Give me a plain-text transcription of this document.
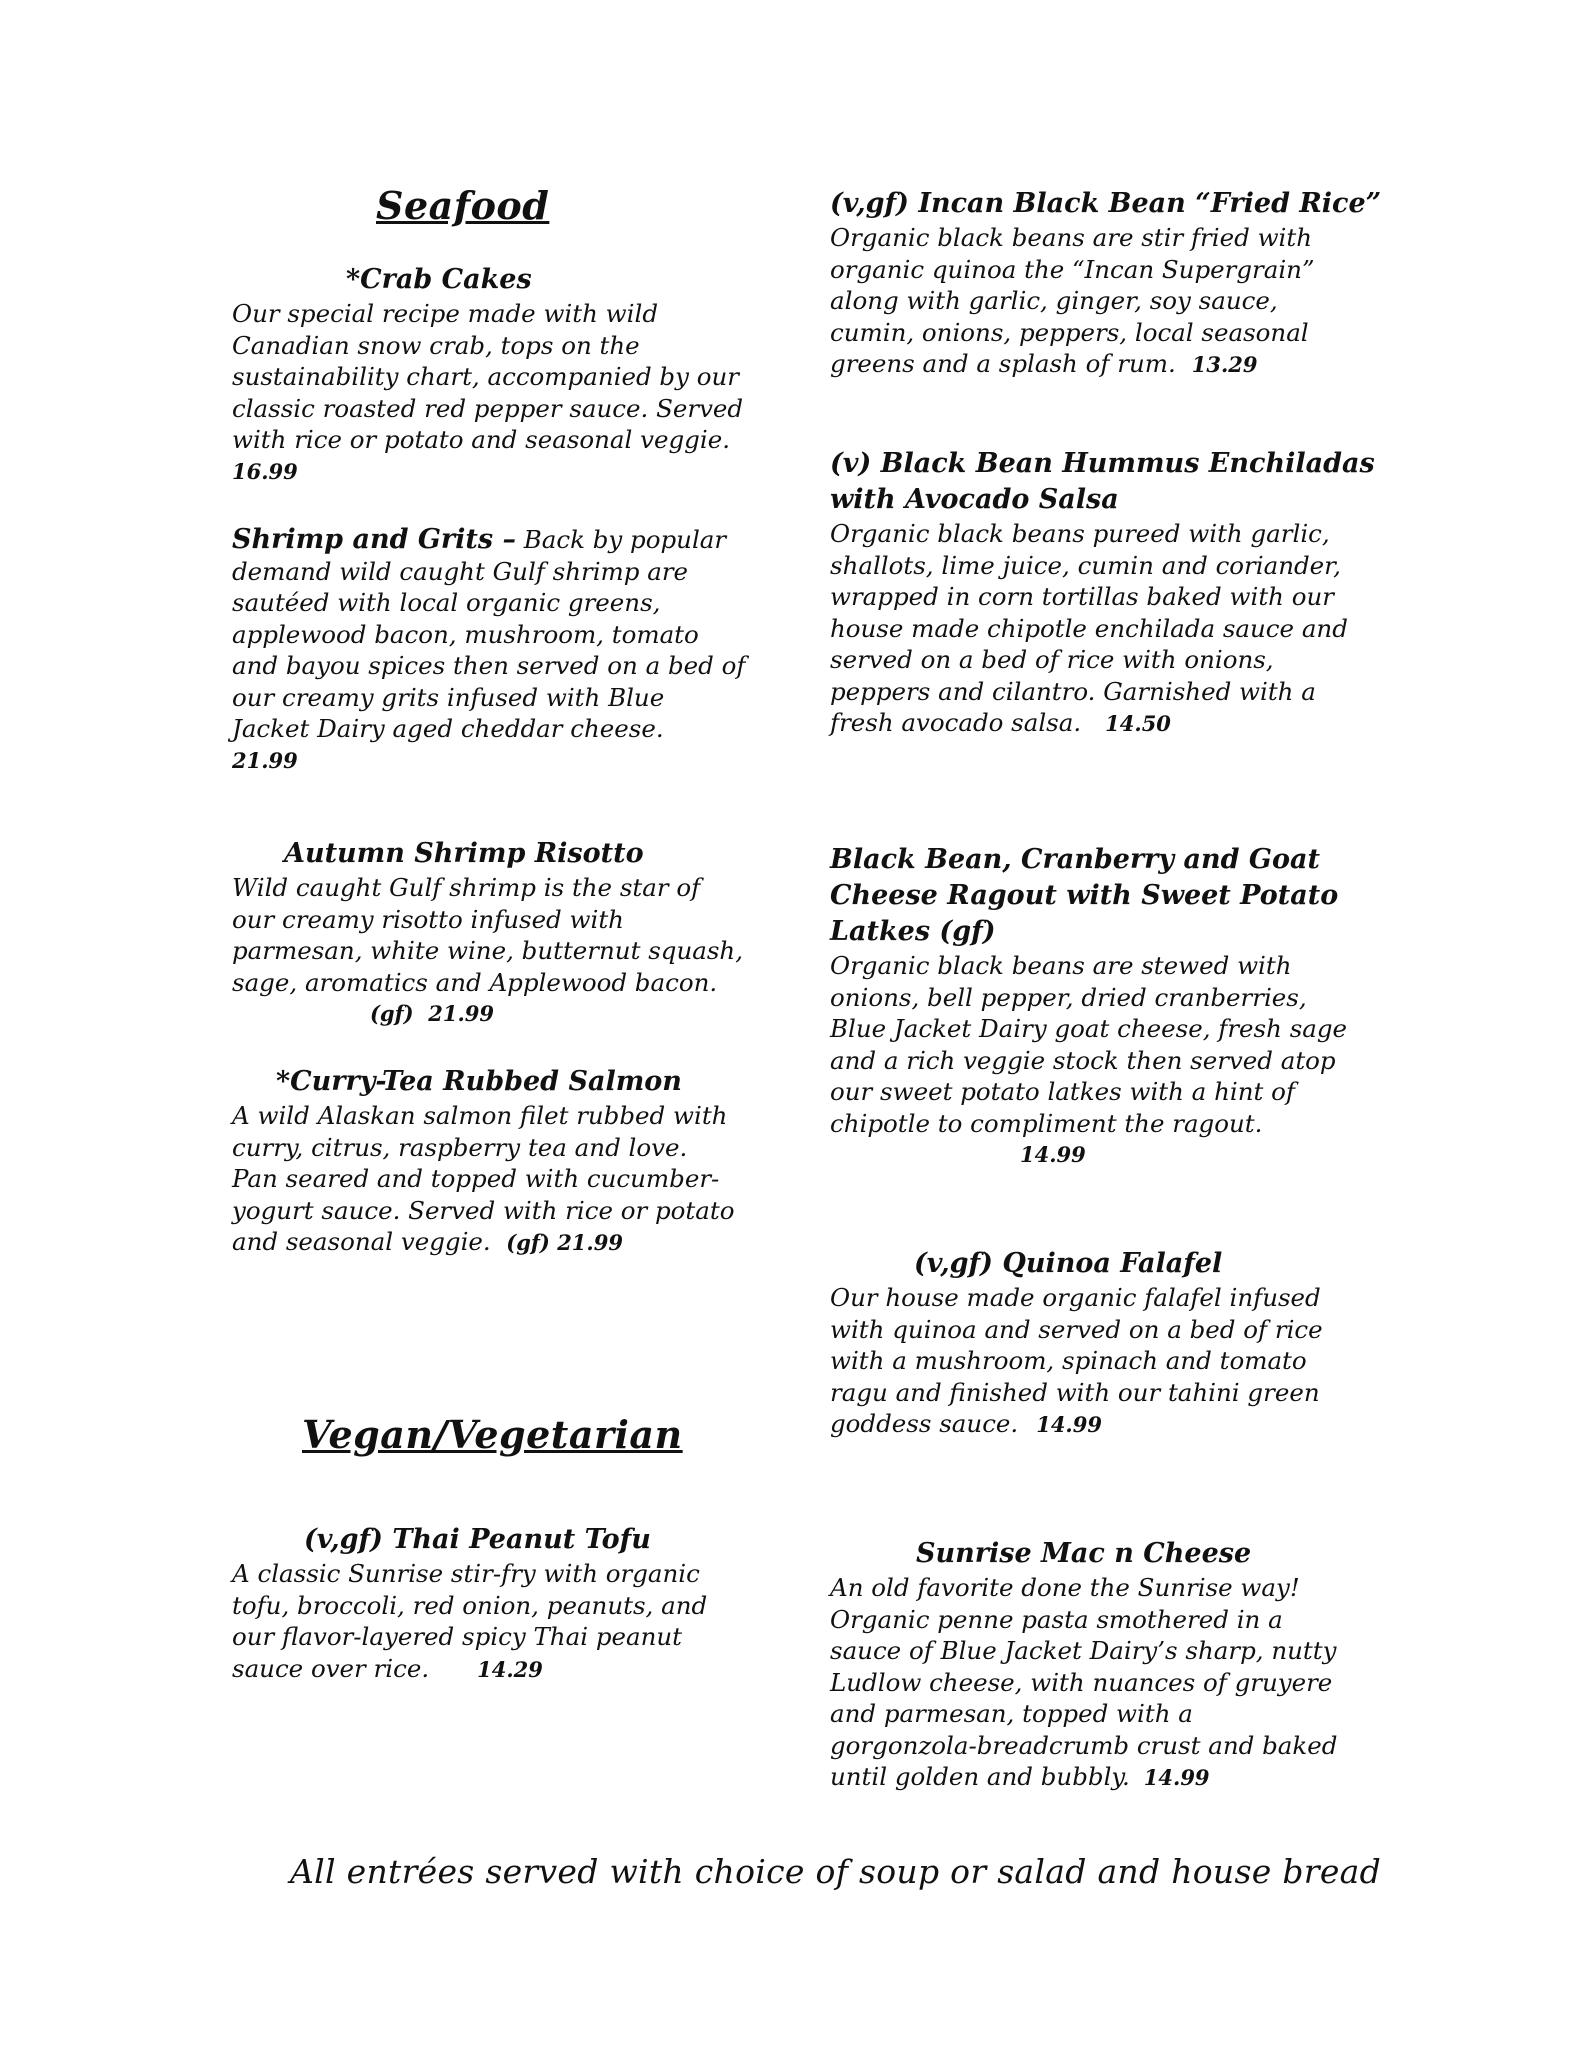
Seafood
Vegan/Vegetarian
*Crab Cakes
Our special recipe made with wild
Canadian snow crab, tops on the
sustainability chart, accompanied by our
classic roasted red pepper sauce. Served
with rice or potato and seasonal veggie.
16.99
Shrimp and Grits – Back by popular
demand wild caught Gulf shrimp are
sautéed with local organic greens,
applewood bacon, mushroom, tomato
and bayou spices then served on a bed of
our creamy grits infused with Blue
Jacket Dairy aged cheddar cheese.
21.99
Autumn Shrimp Risotto
Wild caught Gulf shrimp is the star of
our creamy risotto infused with
parmesan, white wine, butternut squash,
sage, aromatics and Applewood bacon.
(gf) 21.99
*Curry-Tea Rubbed Salmon
A wild Alaskan salmon filet rubbed with
curry, citrus, raspberry tea and love.
Pan seared and topped with cucumber-
yogurt sauce. Served with rice or potato
and seasonal veggie. (gf) 21.99
(v,gf) Thai Peanut Tofu
A classic Sunrise stir-fry with organic
tofu, broccoli, red onion, peanuts, and
our flavor-layered spicy Thai peanut
sauce over rice. 14.29
(v,gf) Incan Black Bean “Fried Rice”
Organic black beans are stir fried with
organic quinoa the “Incan Supergrain”
along with garlic, ginger, soy sauce,
cumin, onions, peppers, local seasonal
greens and a splash of rum. 13.29
(v) Black Bean Hummus Enchiladas
with Avocado Salsa
Organic black beans pureed with garlic,
shallots, lime juice, cumin and coriander,
wrapped in corn tortillas baked with our
house made chipotle enchilada sauce and
served on a bed of rice with onions,
peppers and cilantro. Garnished with a
fresh avocado salsa. 14.50
Black Bean, Cranberry and Goat
Cheese Ragout with Sweet Potato
Latkes (gf)
Organic black beans are stewed with
onions, bell pepper, dried cranberries,
Blue Jacket Dairy goat cheese, fresh sage
and a rich veggie stock then served atop
our sweet potato latkes with a hint of
chipotle to compliment the ragout.
14.99
(v,gf) Quinoa Falafel
Our house made organic falafel infused
with quinoa and served on a bed of rice
with a mushroom, spinach and tomato
ragu and finished with our tahini green
goddess sauce. 14.99
Sunrise Mac n Cheese
An old favorite done the Sunrise way!
Organic penne pasta smothered in a
sauce of Blue Jacket Dairy’s sharp, nutty
Ludlow cheese, with nuances of gruyere
and parmesan, topped with a
gorgonzola-breadcrumb crust and baked
until golden and bubbly. 14.99
All entrées served with choice of soup or salad and house bread
